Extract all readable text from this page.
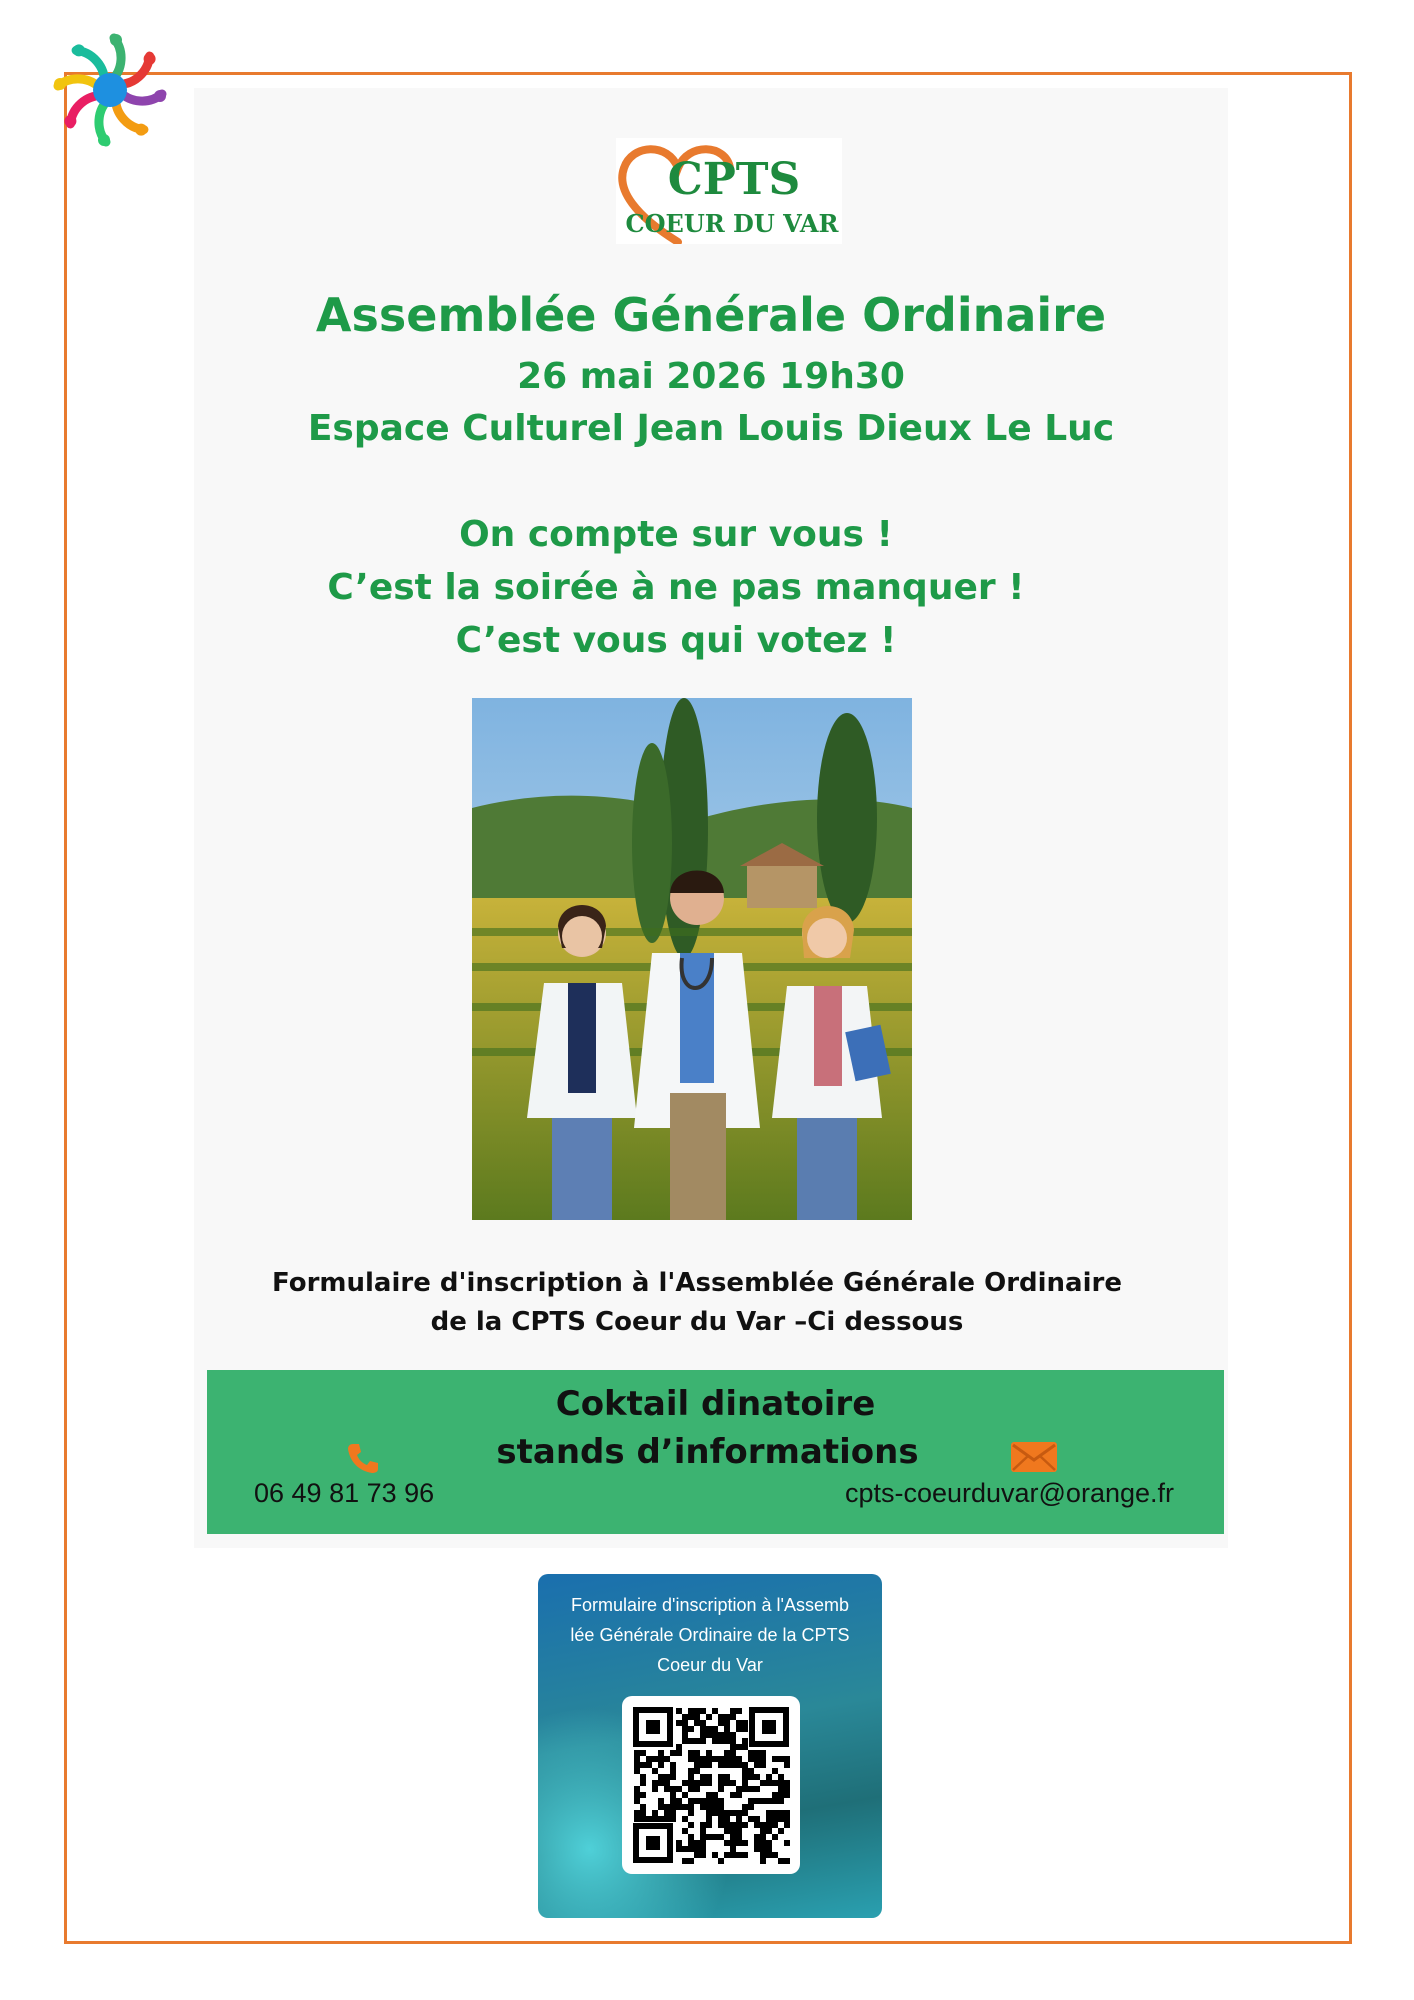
CPTS
COEUR DU VAR
Assemblée Générale Ordinaire
26 mai 2026 19h30
Espace Culturel Jean Louis Dieux Le Luc
On compte sur vous !
C’est la soirée à ne pas manquer !
C’est vous qui votez !
Formulaire d'inscription à l'Assemblée Générale Ordinaire
de la CPTS Coeur du Var –Ci dessous
Coktail dinatoire
stands d’informations
06 49 81 73 96	cpts-coeurduvar@orange.fr
Formulaire d'inscription à l'Assemb
lée Générale Ordinaire de la CPTS
Coeur du Var
